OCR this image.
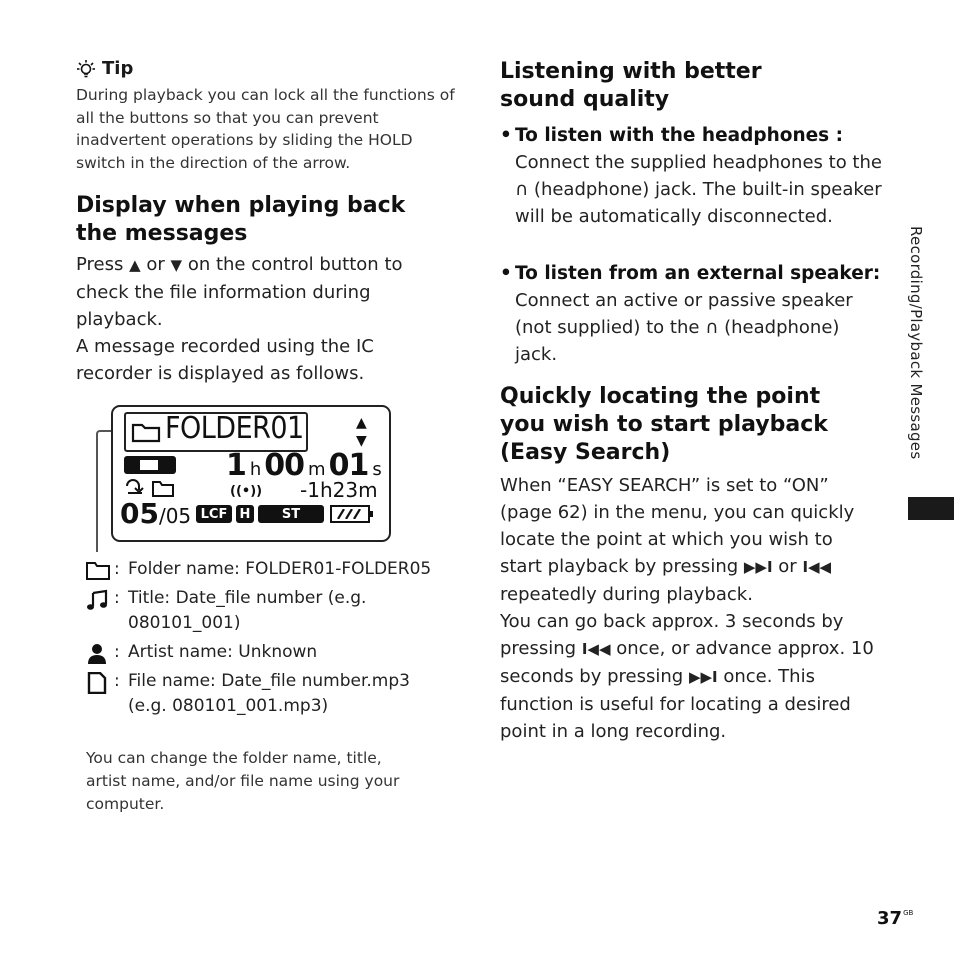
Tip
During playback you can lock all the functions of all the buttons so that you can prevent inadvertent operations by sliding the HOLD switch in the direction of the arrow.
Display when playing back the messages

Press ▲ or ▼ on the control button to check the file information during playback.

A message recorded using the IC recorder is displayed as follows.

FOLDER01	▲
▼
1 h 00 m 01 s
((•)) -1h23m
05/05 LCF H	ST
: Folder name: FOLDER01-FOLDER05
: Title: Date_file number (e.g. 080101_001)
: Artist name: Unknown
: File name: Date_file number.mp3 (e.g. 080101_001.mp3)
You can change the folder name, title, artist name, and/or file name using your computer.
Listening with better sound quality
• To listen with the headphones :
Connect the supplied headphones to the ∩ (headphone) jack. The built-in speaker will be automatically disconnected.
• To listen from an external speaker:
Connect an active or passive speaker (not supplied) to the ∩ (headphone) jack.
Quickly locating the point you wish to start playback (Easy Search)

When “EASY SEARCH” is set to “ON” (page 62) in the menu, you can quickly locate the point at which you wish to start playback by pressing ▶▶I or I◀◀ repeatedly during playback.

You can go back approx. 3 seconds by pressing I◀◀ once, or advance approx. 10 seconds by pressing ▶▶I once. This function is useful for locating a desired point in a long recording.

Recording/Playback Messages
$37^{GB}$
